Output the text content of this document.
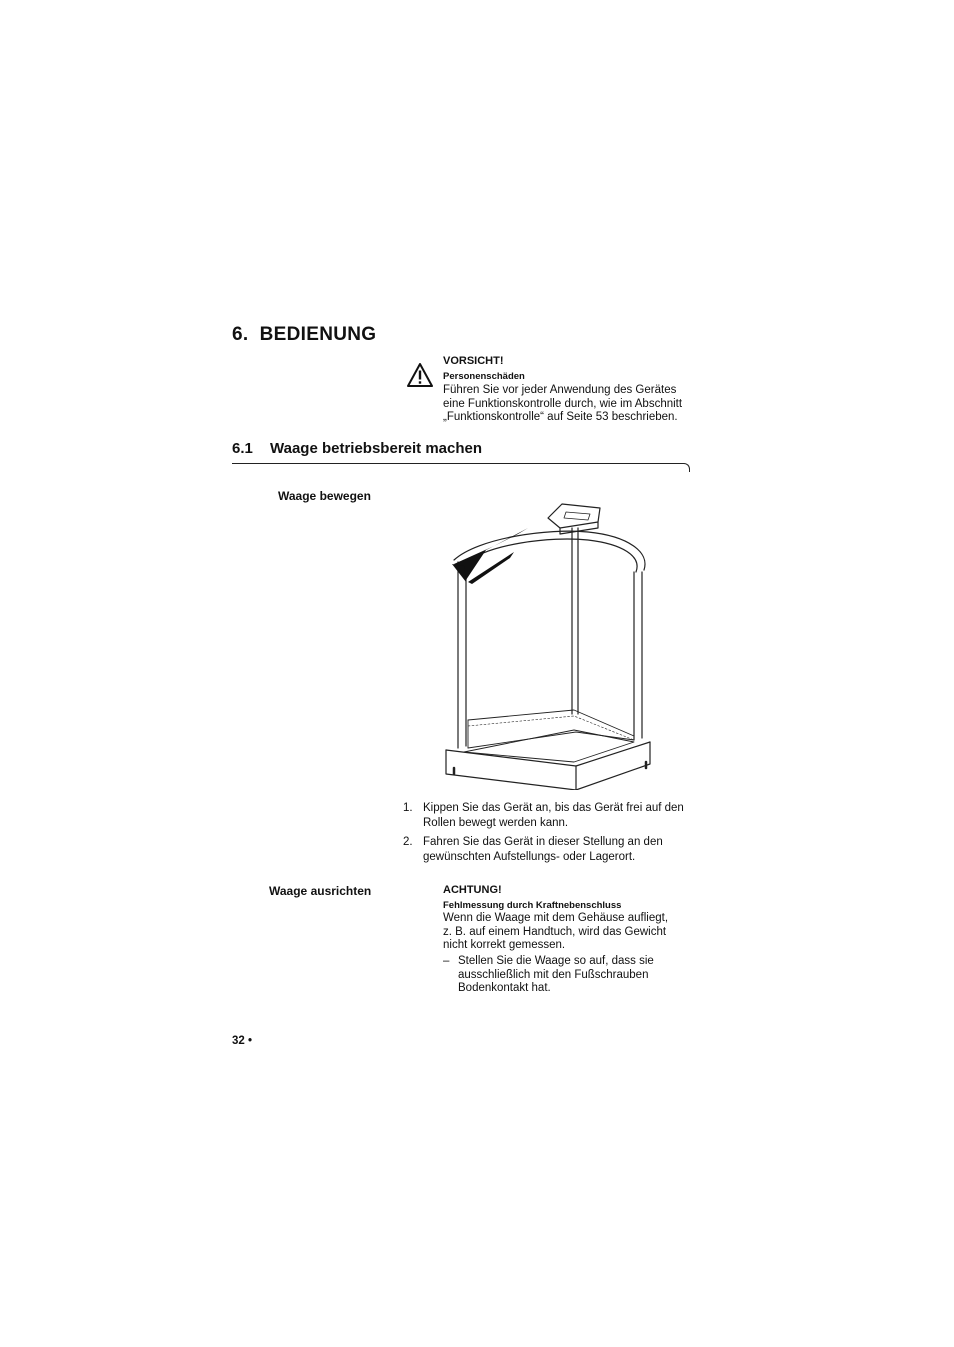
6. BEDIENUNG
VORSICHT!
Personenschäden
Führen Sie vor jeder Anwendung des Gerätes
eine Funktionskontrolle durch, wie im Abschnitt
„Funktionskontrolle“ auf Seite 53 beschrieben.
6.1 Waage betriebsbereit machen
Waage bewegen
1. Kippen Sie das Gerät an, bis das Gerät frei auf den
Rollen bewegt werden kann.
2. Fahren Sie das Gerät in dieser Stellung an den
gewünschten Aufstellungs- oder Lagerort.
Waage ausrichten	ACHTUNG!
Fehlmessung durch Kraftnebenschluss
Wenn die Waage mit dem Gehäuse aufliegt,
z. B. auf einem Handtuch, wird das Gewicht
nicht korrekt gemessen.
– Stellen Sie die Waage so auf, dass sie
ausschließlich mit den Fußschrauben
Bodenkontakt hat.
32 •
